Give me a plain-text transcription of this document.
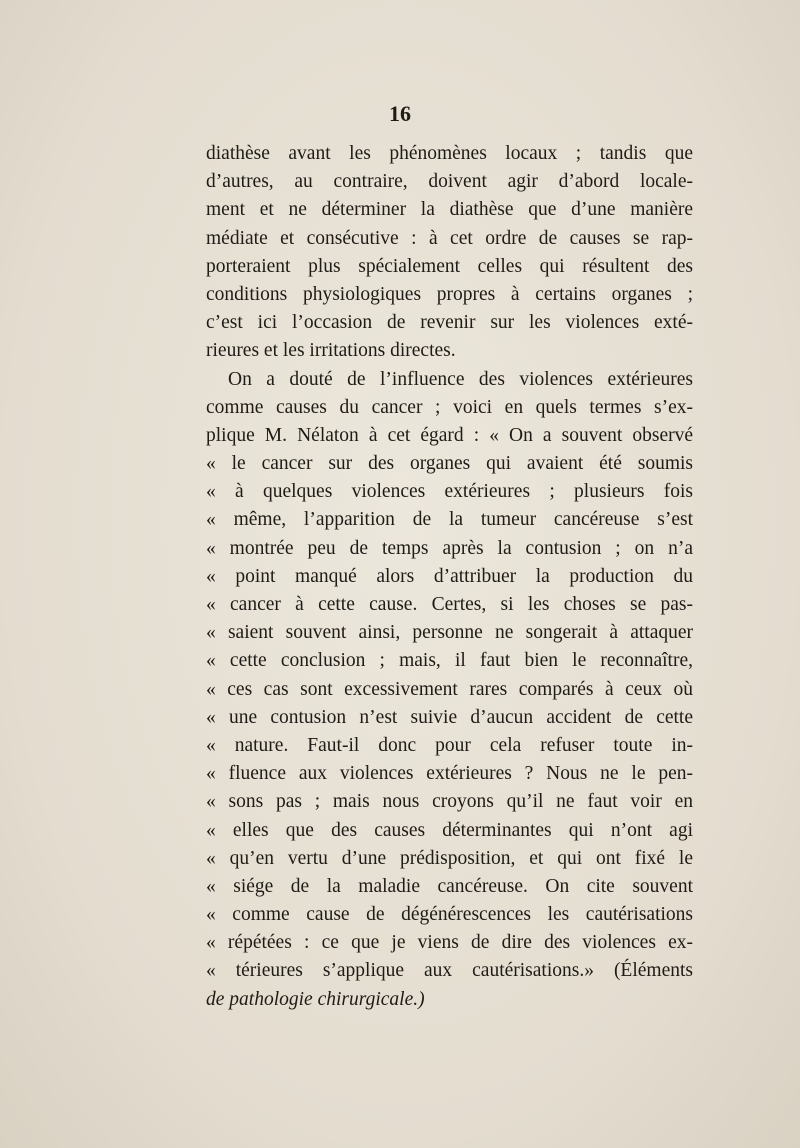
16
diathèse avant les phénomènes locaux ; tandis que
d’autres, au contraire, doivent agir d’abord locale-
ment et ne déterminer la diathèse que d’une manière
médiate et consécutive : à cet ordre de causes se rap-
porteraient plus spécialement celles qui résultent des
conditions physiologiques propres à certains organes ;
c’est ici l’occasion de revenir sur les violences exté-
rieures et les irritations directes.
On a douté de l’influence des violences extérieures
comme causes du cancer ; voici en quels termes s’ex-
plique M. Nélaton à cet égard : « On a souvent observé
« le cancer sur des organes qui avaient été soumis
« à quelques violences extérieures ; plusieurs fois
« même, l’apparition de la tumeur cancéreuse s’est
« montrée peu de temps après la contusion ; on n’a
« point manqué alors d’attribuer la production du
« cancer à cette cause. Certes, si les choses se pas-
« saient souvent ainsi, personne ne songerait à attaquer
« cette conclusion ; mais, il faut bien le reconnaître,
« ces cas sont excessivement rares comparés à ceux où
« une contusion n’est suivie d’aucun accident de cette
« nature. Faut-il donc pour cela refuser toute in-
« fluence aux violences extérieures ? Nous ne le pen-
« sons pas ; mais nous croyons qu’il ne faut voir en
« elles que des causes déterminantes qui n’ont agi
« qu’en vertu d’une prédisposition, et qui ont fixé le
« siége de la maladie cancéreuse. On cite souvent
« comme cause de dégénérescences les cautérisations
« répétées : ce que je viens de dire des violences ex-
« térieures s’applique aux cautérisations.» (Éléments
de pathologie chirurgicale.)
